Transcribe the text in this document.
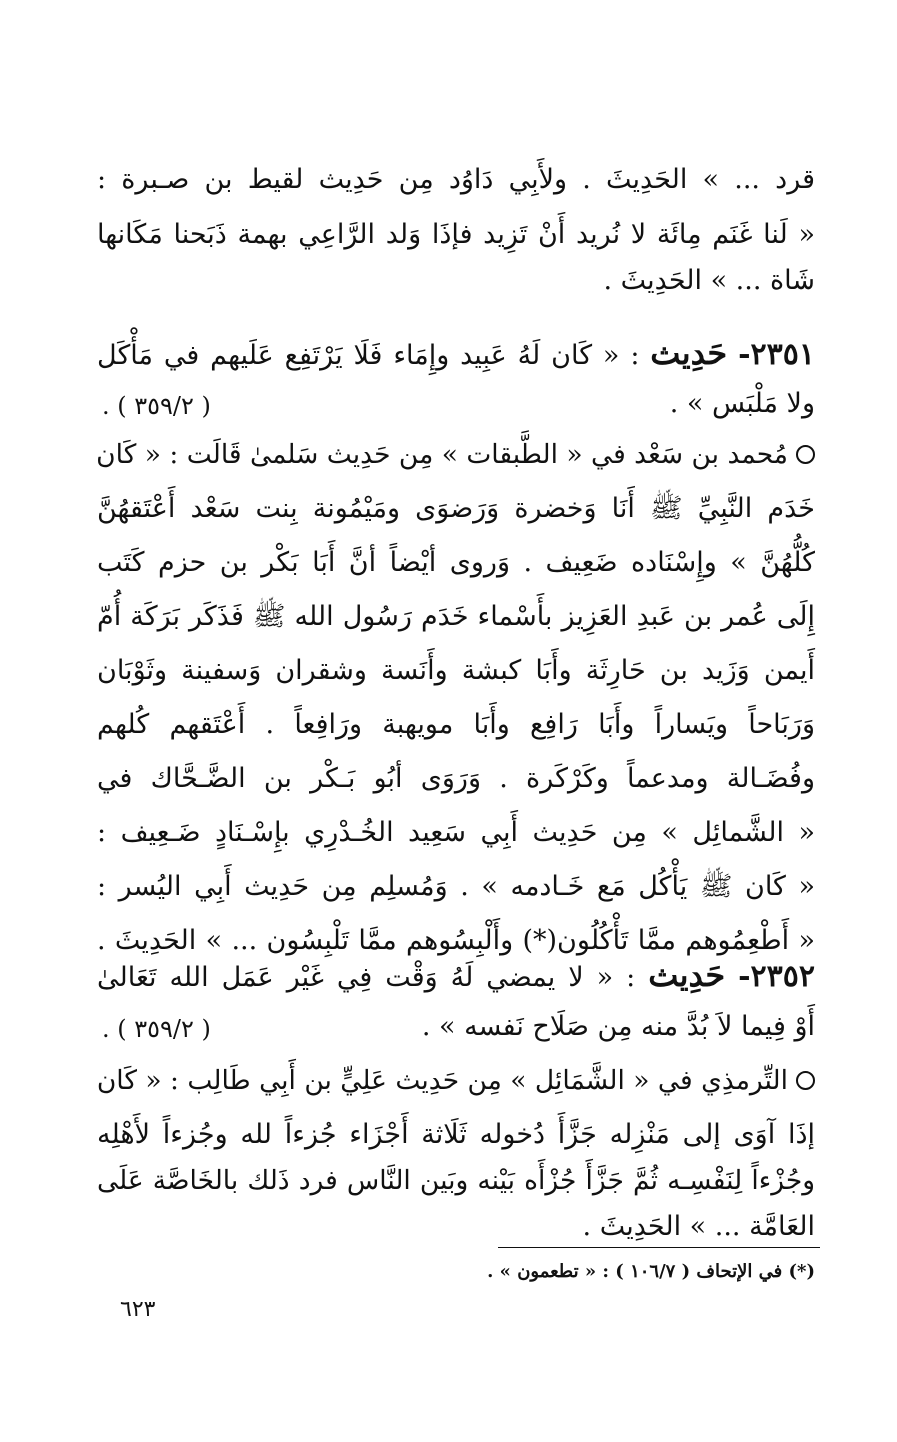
قرد ... » الحَدِيثَ . ولأَبِي دَاوُد مِن حَدِيث لقيط بن صـبرة :
« لَنا غَنَم مِائَة لا نُريد أَنْ تَزِيد فإذَا وَلد الرَّاعِي بهمة ذَبَحنا مَكَانها
شَاة ... » الحَدِيثَ .
٢٣٥١- حَدِيث : « كَان لَهُ عَبِيد وإِمَاء فَلَا يَرْتَفِع عَلَيهم في مَأْكَل
ولا مَلْبَس » .
( ٣٥٩/٢ ) .
مُحمد بن سَعْد في « الطَّبقات » مِن حَدِيث سَلمىٰ قَالَت : « كَان
خَدَم النَّبِيِّ ﷺ أَنَا وَخضرة وَرَضوَى ومَيْمُونة بِنت سَعْد أَعْتَقهُنَّ
كُلُّهُنَّ » وإِسْنَاده ضَعِيف . وَروى أيْضاً أنَّ أَبَا بَكْر بن حزم كَتَب
إِلَى عُمر بن عَبدِ العَزِيز بأَسْماء خَدَم رَسُول الله ﷺ فَذَكَر بَرَكَة أُمّ
أَيمن وَزَيد بن حَارِثَة وأَبَا كبشة وأَنَسة وشقران وَسفينة وثَوْبَان
وَرَبَاحاً ويَساراً وأَبَا رَافِع وأَبَا مويهبة ورَافِعاً . أَعْتَقهم كُلهم
وفُضَـالة ومدعماً وكَرْكَرة . وَرَوَى أبُو بَـكْر بن الضَّـحَّاك في
« الشَّمائِل » مِن حَدِيث أَبِي سَعِيد الخُـدْرِي بإِسْـنَادٍ ضَـعِيف :
« كَان ﷺ يَأْكُل مَع خَـادمه » . وَمُسلِم مِن حَدِيث أَبِي اليُسر :
« أَطْعِمُوهم ممَّا تَأْكُلُون(*) وأَلْبِسُوهم ممَّا تَلْبِسُون ... » الحَدِيثَ .
٢٣٥٢- حَدِيث : « لا يمضي لَهُ وَقْت فِي غَيْر عَمَل الله تَعَالىٰ
أَوْ فِيما لاَ بُدَّ منه مِن صَلَاح نَفسه » .
( ٣٥٩/٢ ) .
التِّرمذِي في « الشَّمَائِل » مِن حَدِيث عَلِيٍّ بن أَبِي طَالِب : « كَان
إذَا آوَى إلى مَنْزِله جَزَّأَ دُخوله ثَلَاثة أَجْزَاء جُزءاً لله وجُزءاً لأَهْلِه
وجُزْءاً لِنَفْسِـه ثُمَّ جَزَّأَ جُزْأَه بَيْنه وبَين النَّاس فرد ذَلك بالخَاصَّة عَلَى
العَامَّة ... » الحَدِيثَ .
(*) في الإتحاف ( ١٠٦/٧ ) : « تطعمون » .
٦٢٣
